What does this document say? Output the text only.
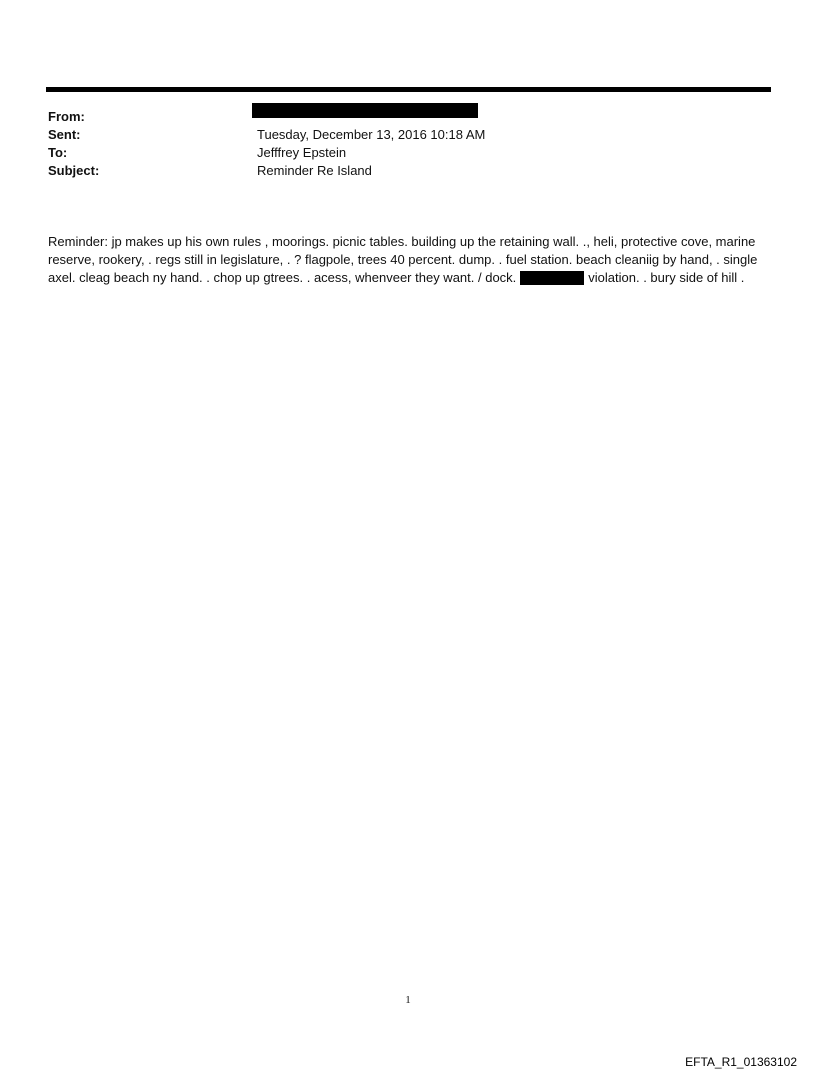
From:
Sent:	Tuesday, December 13, 2016 10:18 AM
To:	Jefffrey Epstein
Subject:	Reminder Re Island
Reminder: jp makes up his own rules , moorings. picnic tables. building up the retaining wall. ., heli, protective cove, marine reserve, rookery, . regs still in legislature, . ? flagpole, trees 40 percent. dump. . fuel station. beach cleaniig by hand, . single axel. cleag beach ny hand. . chop up gtrees. . acess, whenveer they want. / dock.	violation. . bury side of hill .
1
EFTA_R1_01363102
